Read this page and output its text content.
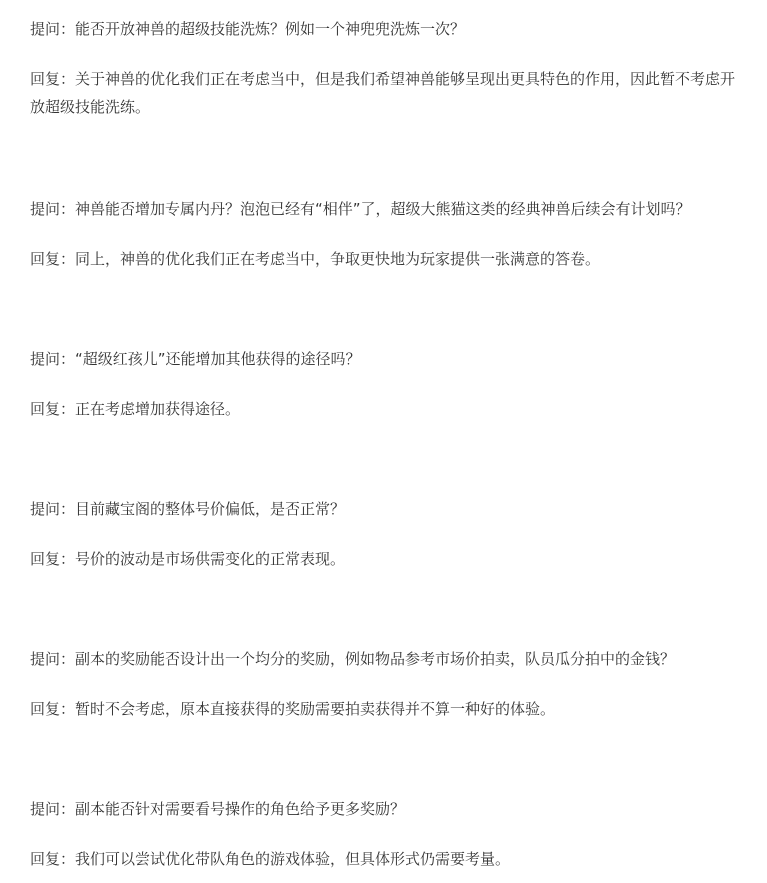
提问：能否开放神兽的超级技能洗炼？例如一个神兜兜洗炼一次？

回复：关于神兽的优化我们正在考虑当中，但是我们希望神兽能够呈现出更具特色的作用，因此暂不考虑开放超级技能洗练。

提问：神兽能否增加专属内丹？泡泡已经有“相伴”了，超级大熊猫这类的经典神兽后续会有计划吗？

回复：同上，神兽的优化我们正在考虑当中，争取更快地为玩家提供一张满意的答卷。

提问：“超级红孩儿”还能增加其他获得的途径吗？

回复：正在考虑增加获得途径。

提问：目前藏宝阁的整体号价偏低，是否正常？

回复：号价的波动是市场供需变化的正常表现。

提问：副本的奖励能否设计出一个均分的奖励，例如物品参考市场价拍卖，队员瓜分拍中的金钱？

回复：暂时不会考虑，原本直接获得的奖励需要拍卖获得并不算一种好的体验。

提问：副本能否针对需要看号操作的角色给予更多奖励？

回复：我们可以尝试优化带队角色的游戏体验，但具体形式仍需要考量。
